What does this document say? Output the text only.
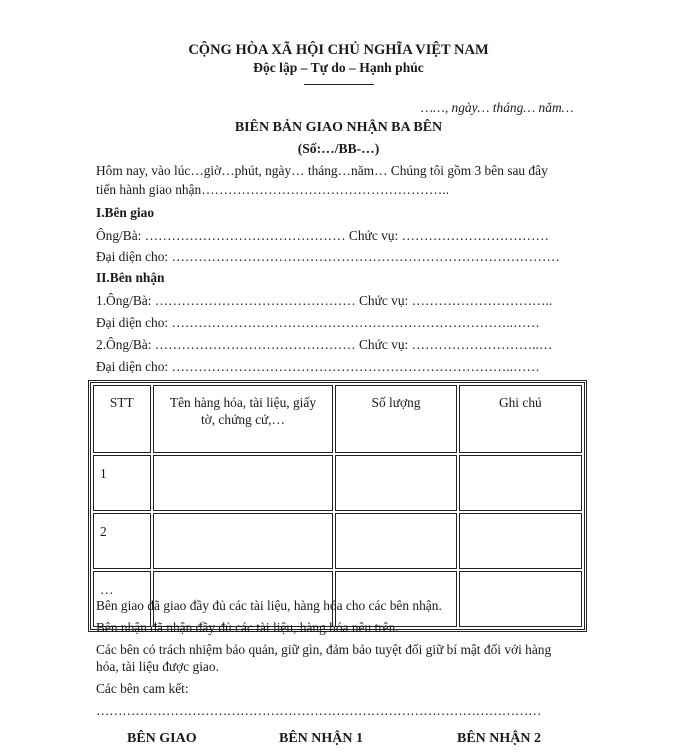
CỘNG HÒA XÃ HỘI CHỦ NGHĨA VIỆT NAM
Độc lập – Tự do – Hạnh phúc
……, ngày… tháng… năm…
BIÊN BẢN GIAO NHẬN BA BÊN
(Số:…/BB-…)
Hôm nay, vào lúc…giờ…phút, ngày… tháng…năm… Chúng tôi gồm 3 bên sau đây
tiến hành giao nhận………………………………………………..
I.Bên giao
Ông/Bà: ……………………………………… Chức vụ: ……………………………
Đại diện cho: ……………………………………………………………………………
II.Bên nhận
1.Ông/Bà: ……………………………………… Chức vụ: …………………………..
Đại diện cho: …………………………………………………………………..……
2.Ông/Bà: ……………………………………… Chức vụ: ………………………..…
Đại diện cho: …………………………………………………………………..……
STT	Tên hàng hóa, tài liệu, giấy tờ, chứng cứ,…	Số lượng	Ghi chú
1			
2			
…			
Bên giao đã giao đầy đủ các tài liệu, hàng hóa cho các bên nhận.
Bên nhận đã nhận đầy đủ các tài liệu, hàng hóa nêu trên.
Các bên có trách nhiệm bảo quản, giữ gìn, đảm bảo tuyệt đối giữ bí mật đối với hàng
hóa, tài liệu được giao.
Các bên cam kết:
…………………………………………………………………………………………
BÊN GIAO	BÊN NHẬN 1	BÊN NHẬN 2
